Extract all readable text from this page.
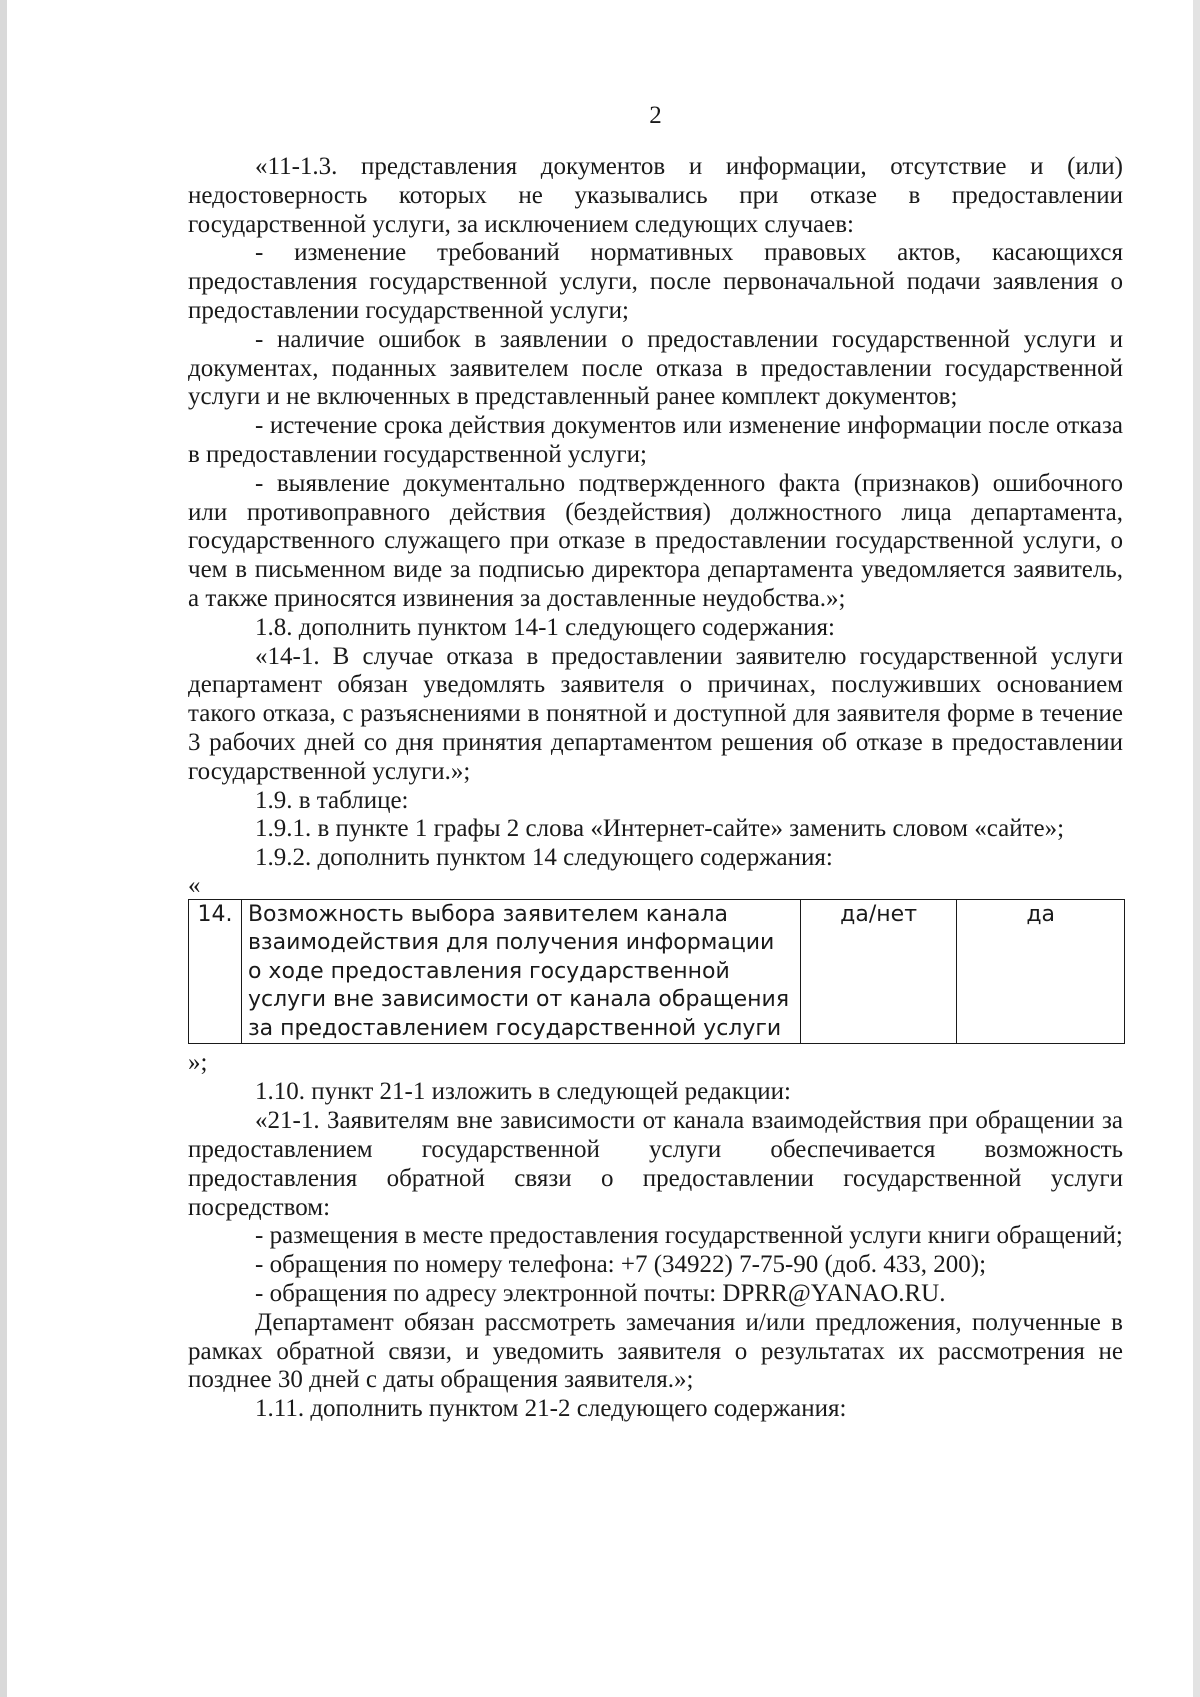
2

«11-1.3. представления документов и информации, отсутствие и (или) недостоверность которых не указывались при отказе в предоставлении государственной услуги, за исключением следующих случаев:

- изменение требований нормативных правовых актов, касающихся предоставления государственной услуги, после первоначальной подачи заявления о предоставлении государственной услуги;

- наличие ошибок в заявлении о предоставлении государственной услуги и документах, поданных заявителем после отказа в предоставлении государственной услуги и не включенных в представленный ранее комплект документов;

- истечение срока действия документов или изменение информации после отказа в предоставлении государственной услуги;

- выявление документально подтвержденного факта (признаков) ошибочного или противоправного действия (бездействия) должностного лица департамента, государственного служащего при отказе в предоставлении государственной услуги, о чем в письменном виде за подписью директора департамента уведомляется заявитель, а также приносятся извинения за доставленные неудобства.»;

1.8. дополнить пунктом 14-1 следующего содержания:

«14-1. В случае отказа в предоставлении заявителю государственной услуги департамент обязан уведомлять заявителя о причинах, послуживших основанием такого отказа, с разъяснениями в понятной и доступной для заявителя форме в течение 3 рабочих дней со дня принятия департаментом решения об отказе в предоставлении государственной услуги.»;

1.9. в таблице:

1.9.1. в пункте 1 графы 2 слова «Интернет-сайте» заменить словом «сайте»;

1.9.2. дополнить пунктом 14 следующего содержания:

«

14.	Возможность выбора заявителем канала взаимодействия для получения информации о ходе предоставления государственной услуги вне зависимости от канала обращения за предоставлением государственной услуги	да/нет	да

»;

1.10. пункт 21-1 изложить в следующей редакции:

«21-1. Заявителям вне зависимости от канала взаимодействия при обращении за предоставлением государственной услуги обеспечивается возможность предоставления обратной связи о предоставлении государственной услуги посредством:

- размещения в месте предоставления государственной услуги книги обращений;

- обращения по номеру телефона: +7 (34922) 7-75-90 (доб. 433, 200);

- обращения по адресу электронной почты: DPRR@YANAO.RU.

Департамент обязан рассмотреть замечания и/или предложения, полученные в рамках обратной связи, и уведомить заявителя о результатах их рассмотрения не позднее 30 дней с даты обращения заявителя.»;

1.11. дополнить пунктом 21-2 следующего содержания:
